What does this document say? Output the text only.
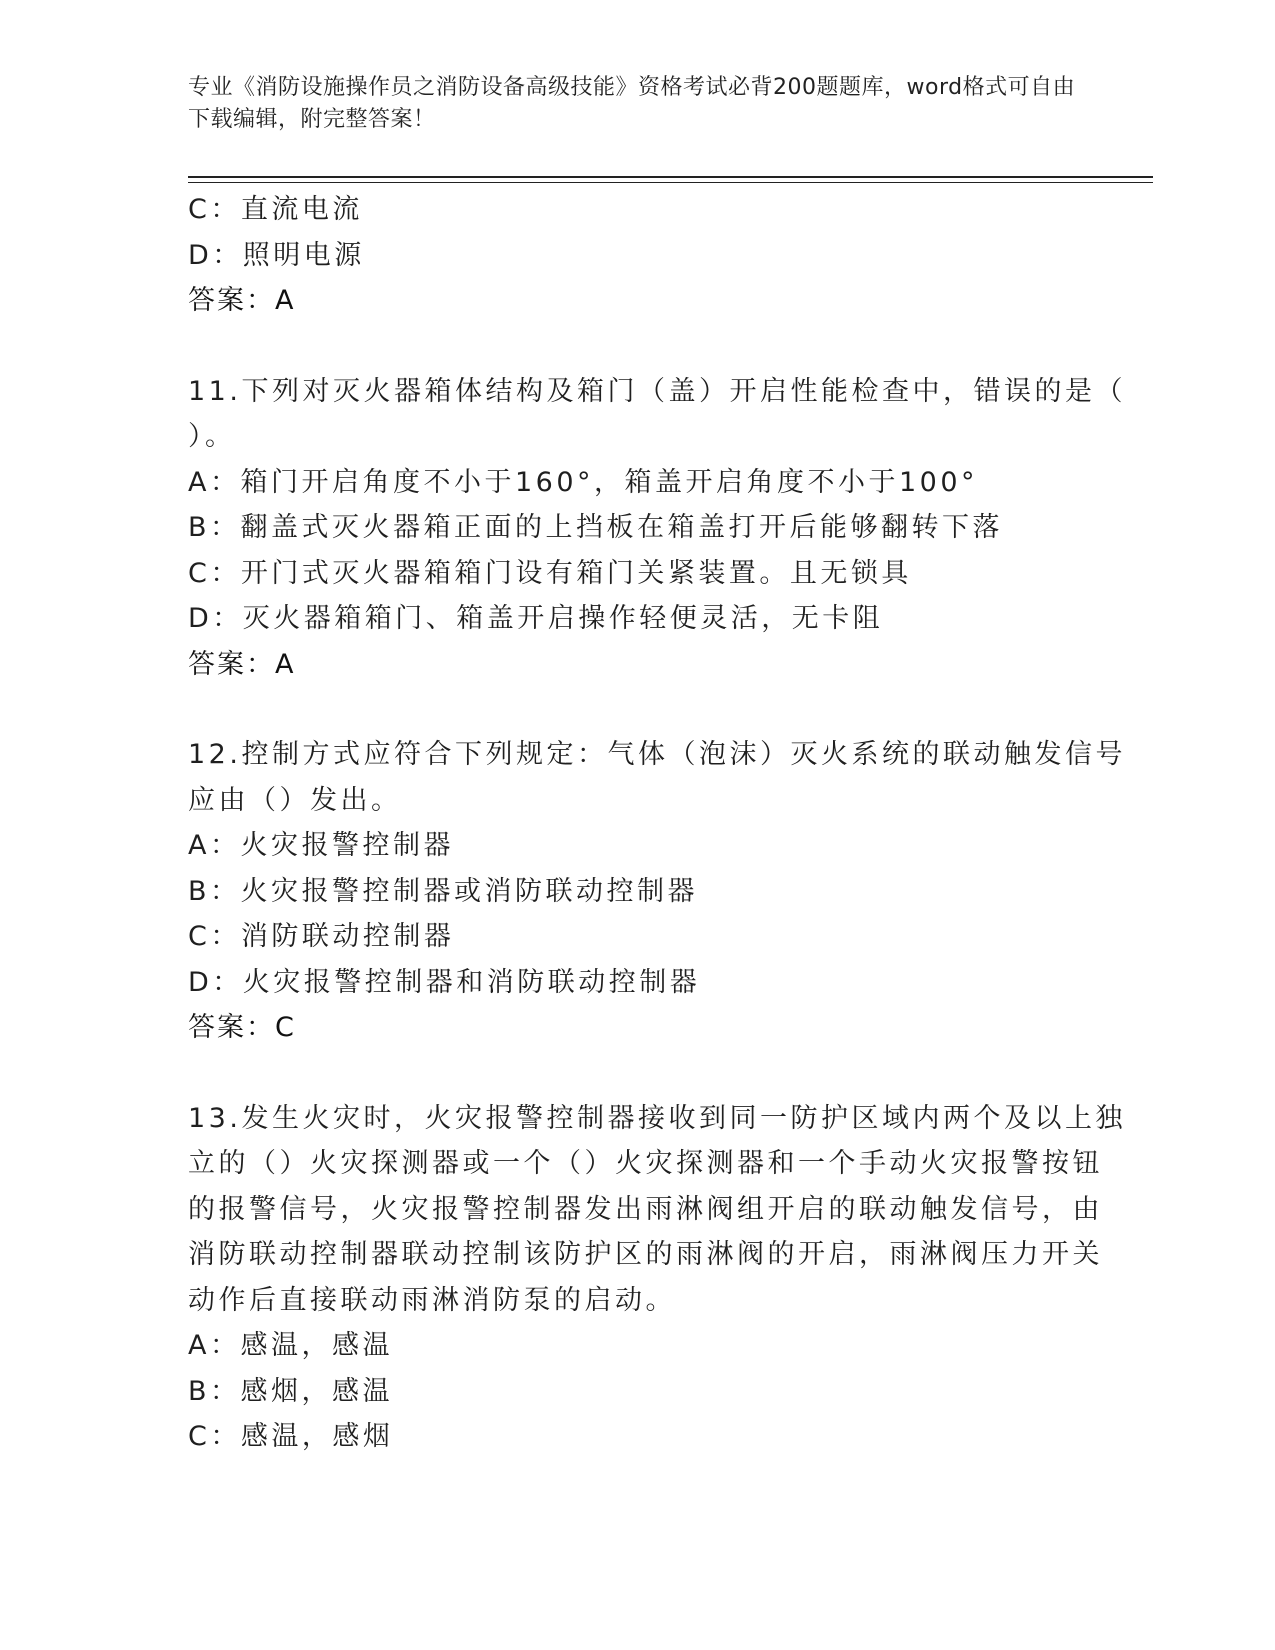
专业《消防设施操作员之消防设备高级技能》资格考试必背200题题库，word格式可自由下载编辑，附完整答案！
C：直流电流
D：照明电源
答案：A
11.下列对灭火器箱体结构及箱门（盖）开启性能检查中，错误的是（
）。
A：箱门开启角度不小于160°，箱盖开启角度不小于100°
B：翻盖式灭火器箱正面的上挡板在箱盖打开后能够翻转下落
C：开门式灭火器箱箱门设有箱门关紧装置。且无锁具
D：灭火器箱箱门、箱盖开启操作轻便灵活，无卡阻
答案：A
12.控制方式应符合下列规定：气体（泡沫）灭火系统的联动触发信号
应由（）发出。
A：火灾报警控制器
B：火灾报警控制器或消防联动控制器
C：消防联动控制器
D：火灾报警控制器和消防联动控制器
答案：C
13.发生火灾时，火灾报警控制器接收到同一防护区域内两个及以上独
立的（）火灾探测器或一个（）火灾探测器和一个手动火灾报警按钮
的报警信号，火灾报警控制器发出雨淋阀组开启的联动触发信号，由
消防联动控制器联动控制该防护区的雨淋阀的开启，雨淋阀压力开关
动作后直接联动雨淋消防泵的启动。
A：感温，感温
B：感烟，感温
C：感温，感烟
